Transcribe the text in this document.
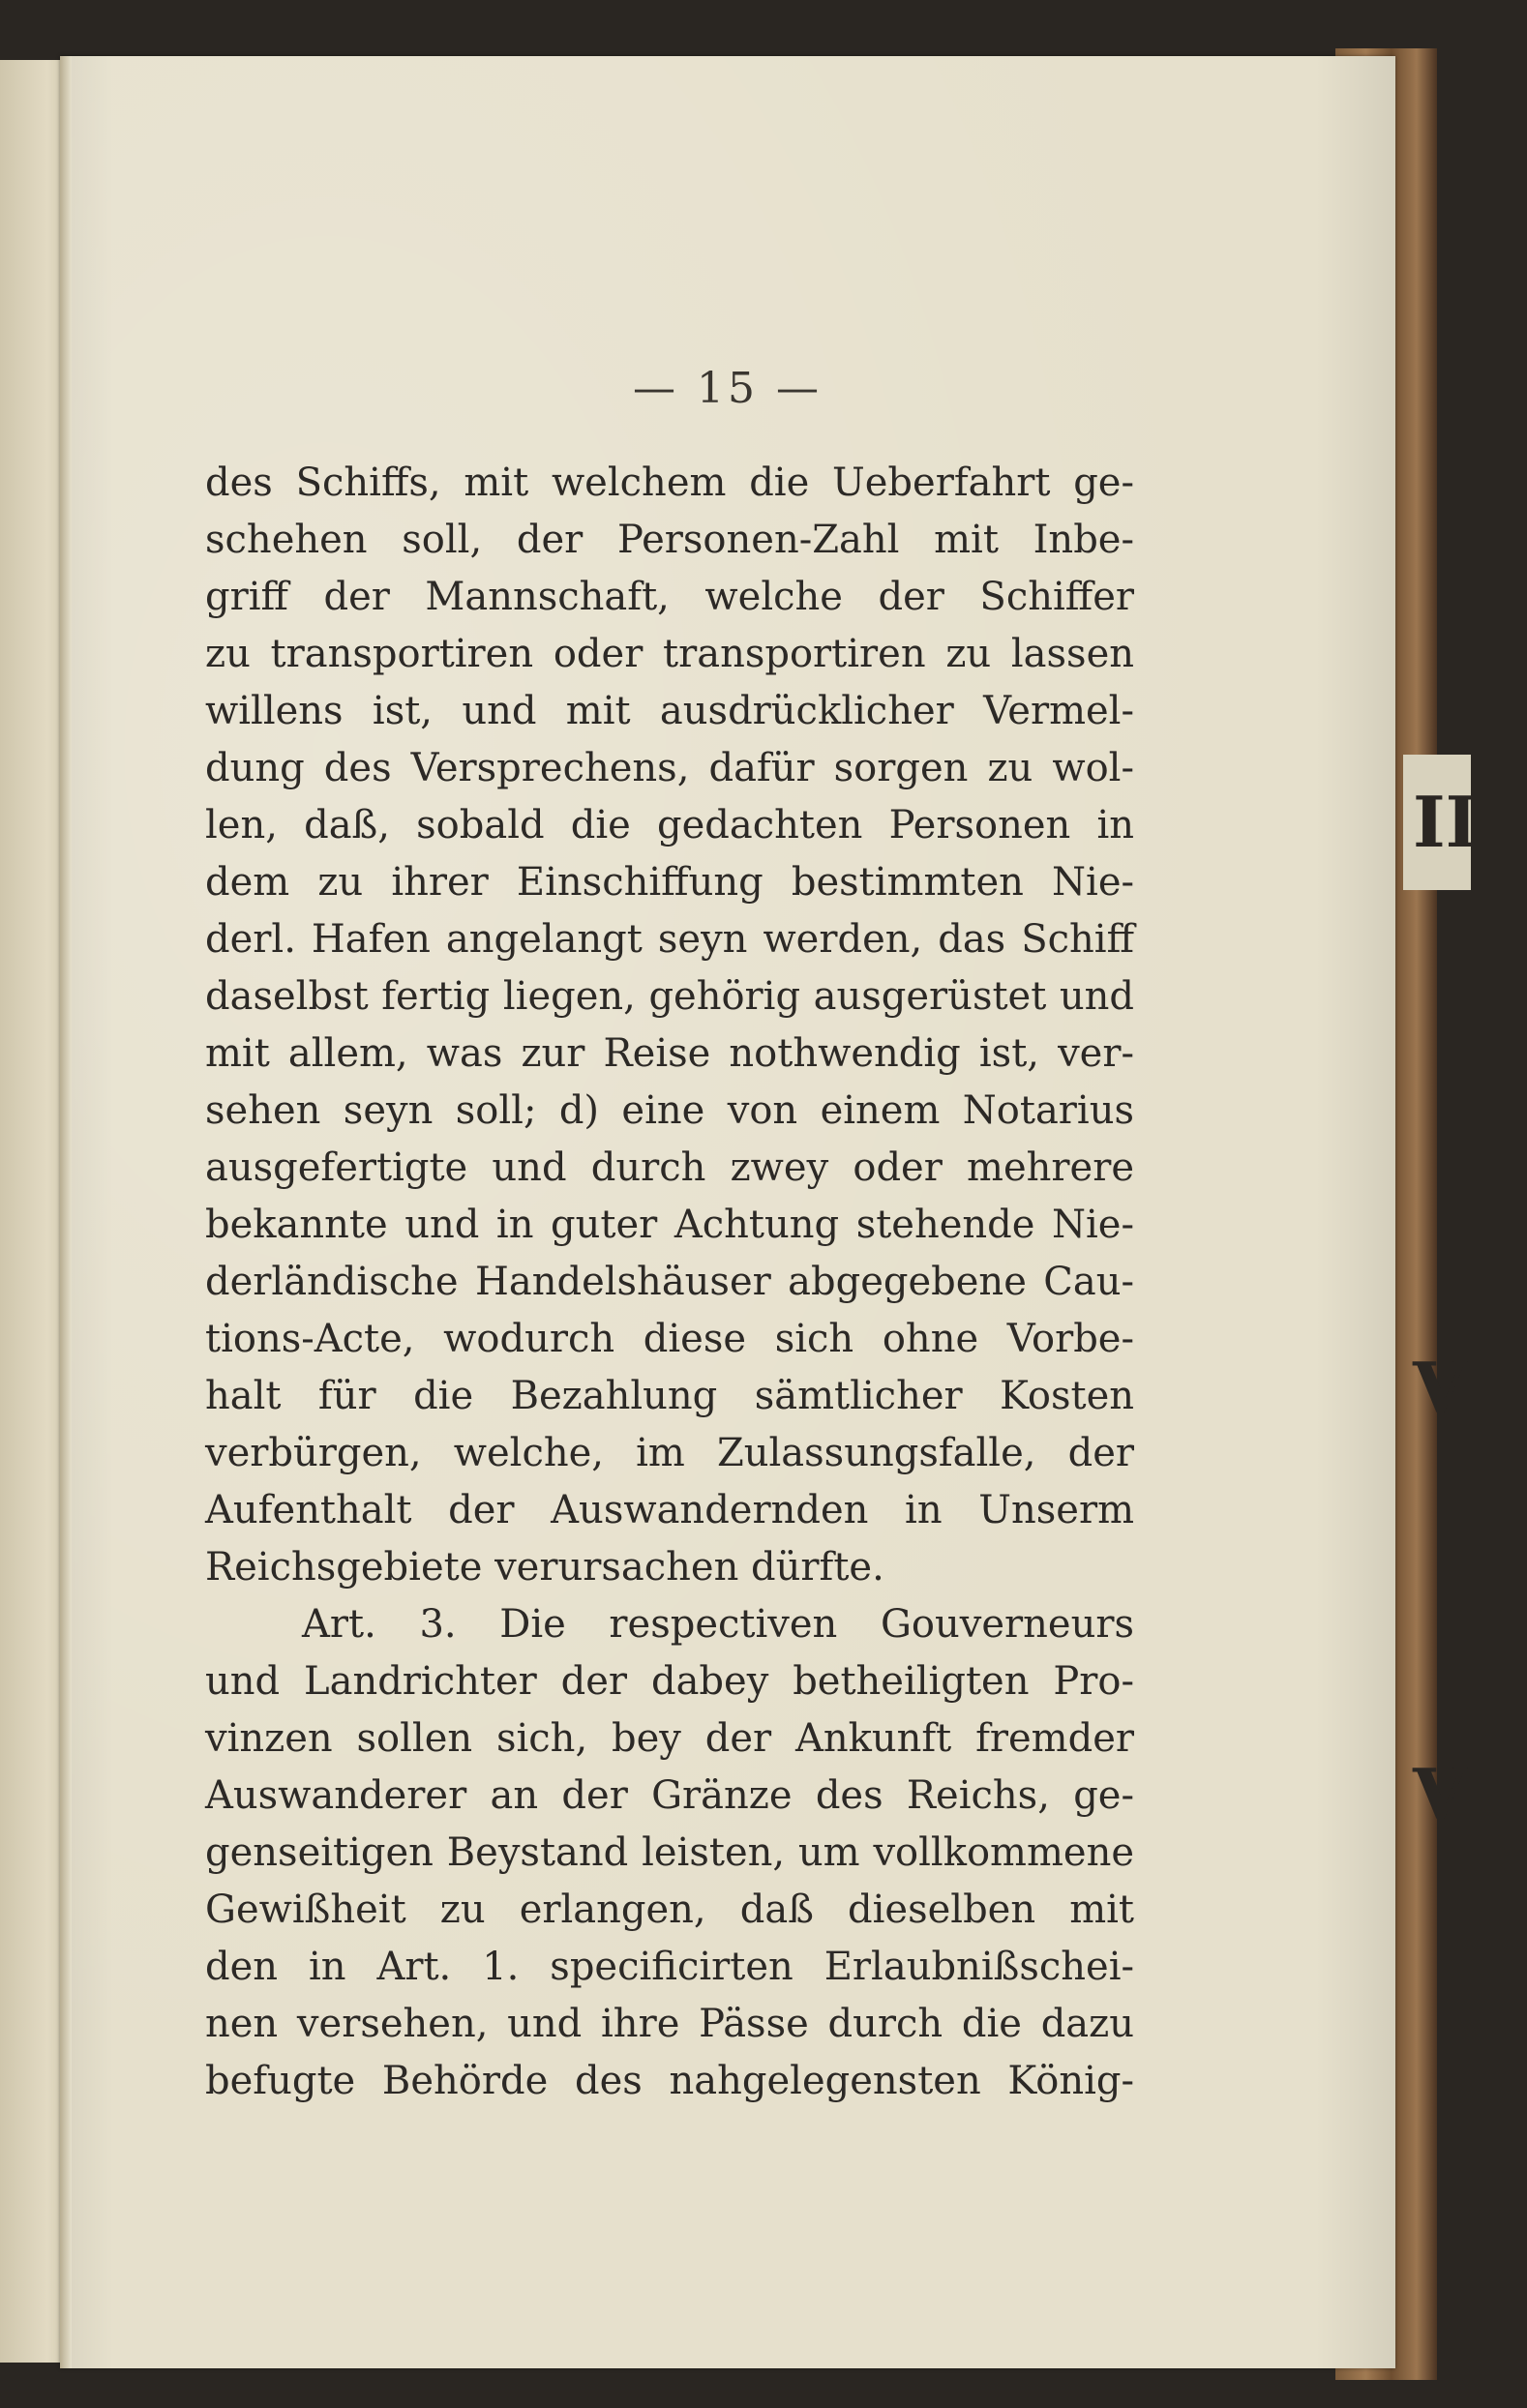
II
V
V
— 15 —
des Schiffs, mit welchem die Ueberfahrt ge-
schehen soll, der Personen-Zahl mit Inbe-
griff der Mannschaft, welche der Schiffer
zu transportiren oder transportiren zu lassen
willens ist, und mit ausdrücklicher Vermel-
dung des Versprechens, dafür sorgen zu wol-
len, daß, sobald die gedachten Personen in
dem zu ihrer Einschiffung bestimmten Nie-
derl. Hafen angelangt seyn werden, das Schiff
daselbst fertig liegen, gehörig ausgerüstet und
mit allem, was zur Reise nothwendig ist, ver-
sehen seyn soll; d) eine von einem Notarius
ausgefertigte und durch zwey oder mehrere
bekannte und in guter Achtung stehende Nie-
derländische Handelshäuser abgegebene Cau-
tions-Acte, wodurch diese sich ohne Vorbe-
halt für die Bezahlung sämtlicher Kosten
verbürgen, welche, im Zulassungsfalle, der
Aufenthalt der Auswandernden in Unserm
Reichsgebiete verursachen dürfte.
Art. 3. Die respectiven Gouverneurs
und Landrichter der dabey betheiligten Pro-
vinzen sollen sich, bey der Ankunft fremder
Auswanderer an der Gränze des Reichs, ge-
genseitigen Beystand leisten, um vollkommene
Gewißheit zu erlangen, daß dieselben mit
den in Art. 1. specificirten Erlaubnißschei-
nen versehen, und ihre Pässe durch die dazu
befugte Behörde des nahgelegensten König-
